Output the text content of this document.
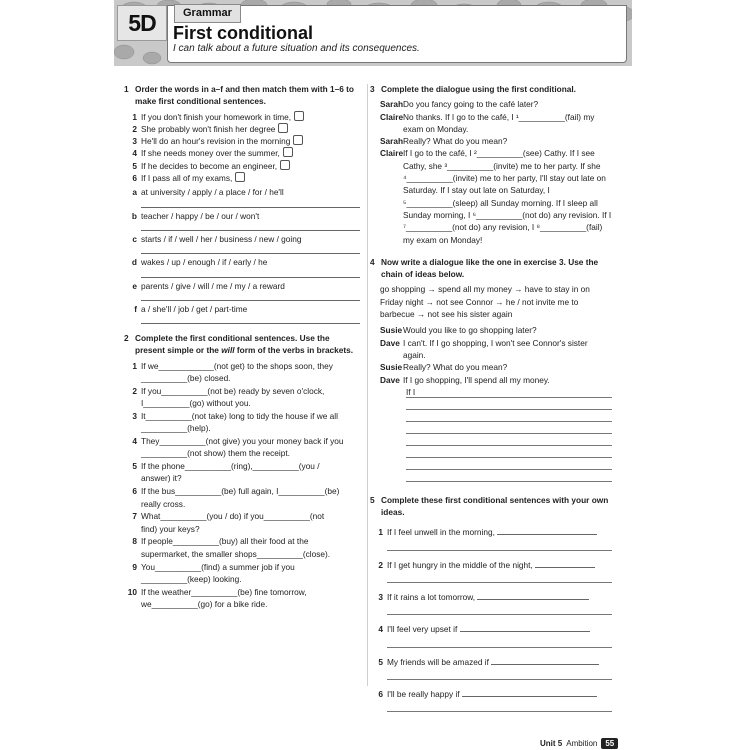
5D	Grammar
First conditional
I can talk about a future situation and its consequences.
1 Order the words in a–f and then match them with 1–6 to make first conditional sentences.
1 If you don't finish your homework in time,
2 She probably won't finish her degree
3 He'll do an hour's revision in the morning
4 If she needs money over the summer,
5 If he decides to become an engineer,
6 If I pass all of my exams,
a at university / apply / a place / for / he'll
b teacher / happy / be / our / won't
c starts / if / well / her / business / new / going
d wakes / up / enough / if / early / he
e parents / give / will / me / my / a reward
f a / she'll / job / get / part-time
2 Complete the first conditional sentences. Use the present simple or the will form of the verbs in brackets.
1 If we____________(not get) to the shops soon, they
__________(be) closed.
2 If you__________(not be) ready by seven o'clock,
I__________(go) without you.
3 It__________(not take) long to tidy the house if we all
__________(help).
4 They__________(not give) you your money back if you
__________(not show) them the receipt.
5 If the phone__________(ring),__________(you /
answer) it?
6 If the bus__________(be) full again, I__________(be)
really cross.
7 What__________(you / do) if you__________(not
find) your keys?
8 If people__________(buy) all their food at the
supermarket, the smaller shops__________(close).
9 You__________(find) a summer job if you
__________(keep) looking.
10 If the weather__________(be) fine tomorrow,
we__________(go) for a bike ride.
3 Complete the dialogue using the first conditional.
Sarah Do you fancy going to the café later?
Claire No thanks. If I go to the café, I ¹__________(fail) my exam on Monday.
Sarah Really? What do you mean?
Claire If I go to the café, I ²__________(see) Cathy. If I see Cathy, she ³__________(invite) me to her party. If she ⁴__________(invite) me to her party, I'll stay out late on Saturday. If I stay out late on Saturday, I ⁵__________(sleep) all Sunday morning. If I sleep all Sunday morning, I ⁶__________(not do) any revision. If I ⁷__________(not do) any revision, I ⁸__________(fail) my exam on Monday!
4 Now write a dialogue like the one in exercise 3. Use the chain of ideas below.
go shopping → spend all my money → have to stay in on Friday night → not see Connor → he / not invite me to barbecue → not see his sister again
Susie Would you like to go shopping later?
Dave I can't. If I go shopping, I won't see Connor's sister again.
Susie Really? What do you mean?
Dave If I go shopping, I'll spend all my money.
If I
5 Complete these first conditional sentences with your own ideas.
1 If I feel unwell in the morning,
2 If I get hungry in the middle of the night,
3 If it rains a lot tomorrow,
4 I'll feel very upset if
5 My friends will be amazed if
6 I'll be really happy if
Unit 5 Ambition	55
